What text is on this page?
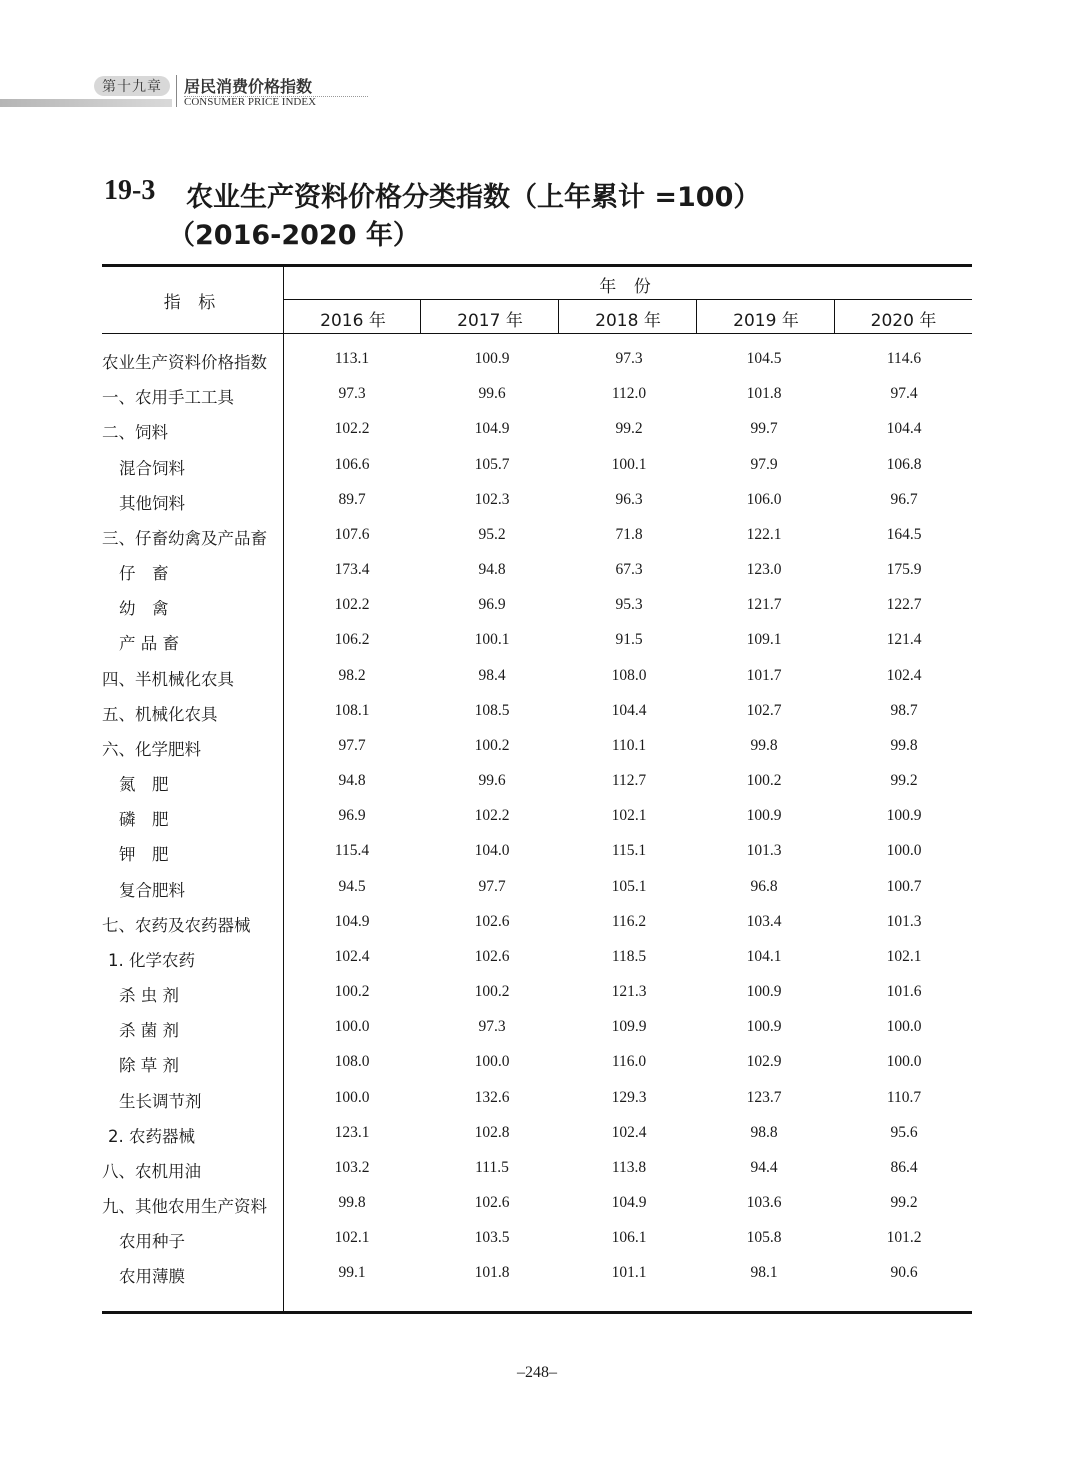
第十九章	居民消费价格指数
CONSUMER PRICE INDEX
19-3 农业生产资料价格分类指数（上年累计 =100）
（2016-2020 年）
指 标
年 份
2016 年	2017 年	2018 年	2019 年	2020 年
农业生产资料价格指数	113.1	100.9	97.3	104.5	114.6
一、农用手工工具	97.3	99.6	112.0	101.8	97.4
二、饲料	102.2	104.9	99.2	99.7	104.4
混合饲料	106.6	105.7	100.1	97.9	106.8
其他饲料	89.7	102.3	96.3	106.0	96.7
三、仔畜幼禽及产品畜	107.6	95.2	71.8	122.1	164.5
仔　畜	173.4	94.8	67.3	123.0	175.9
幼　禽	102.2	96.9	95.3	121.7	122.7
产 品 畜	106.2	100.1	91.5	109.1	121.4
四、半机械化农具	98.2	98.4	108.0	101.7	102.4
五、机械化农具	108.1	108.5	104.4	102.7	98.7
六、化学肥料	97.7	100.2	110.1	99.8	99.8
氮　肥	94.8	99.6	112.7	100.2	99.2
磷　肥	96.9	102.2	102.1	100.9	100.9
钾　肥	115.4	104.0	115.1	101.3	100.0
复合肥料	94.5	97.7	105.1	96.8	100.7
七、农药及农药器械	104.9	102.6	116.2	103.4	101.3
1. 化学农药	102.4	102.6	118.5	104.1	102.1
杀 虫 剂	100.2	100.2	121.3	100.9	101.6
杀 菌 剂	100.0	97.3	109.9	100.9	100.0
除 草 剂	108.0	100.0	116.0	102.9	100.0
生长调节剂	100.0	132.6	129.3	123.7	110.7
2. 农药器械	123.1	102.8	102.4	98.8	95.6
八、农机用油	103.2	111.5	113.8	94.4	86.4
九、其他农用生产资料	99.8	102.6	104.9	103.6	99.2
农用种子	102.1	103.5	106.1	105.8	101.2
农用薄膜	99.1	101.8	101.1	98.1	90.6
–248–
